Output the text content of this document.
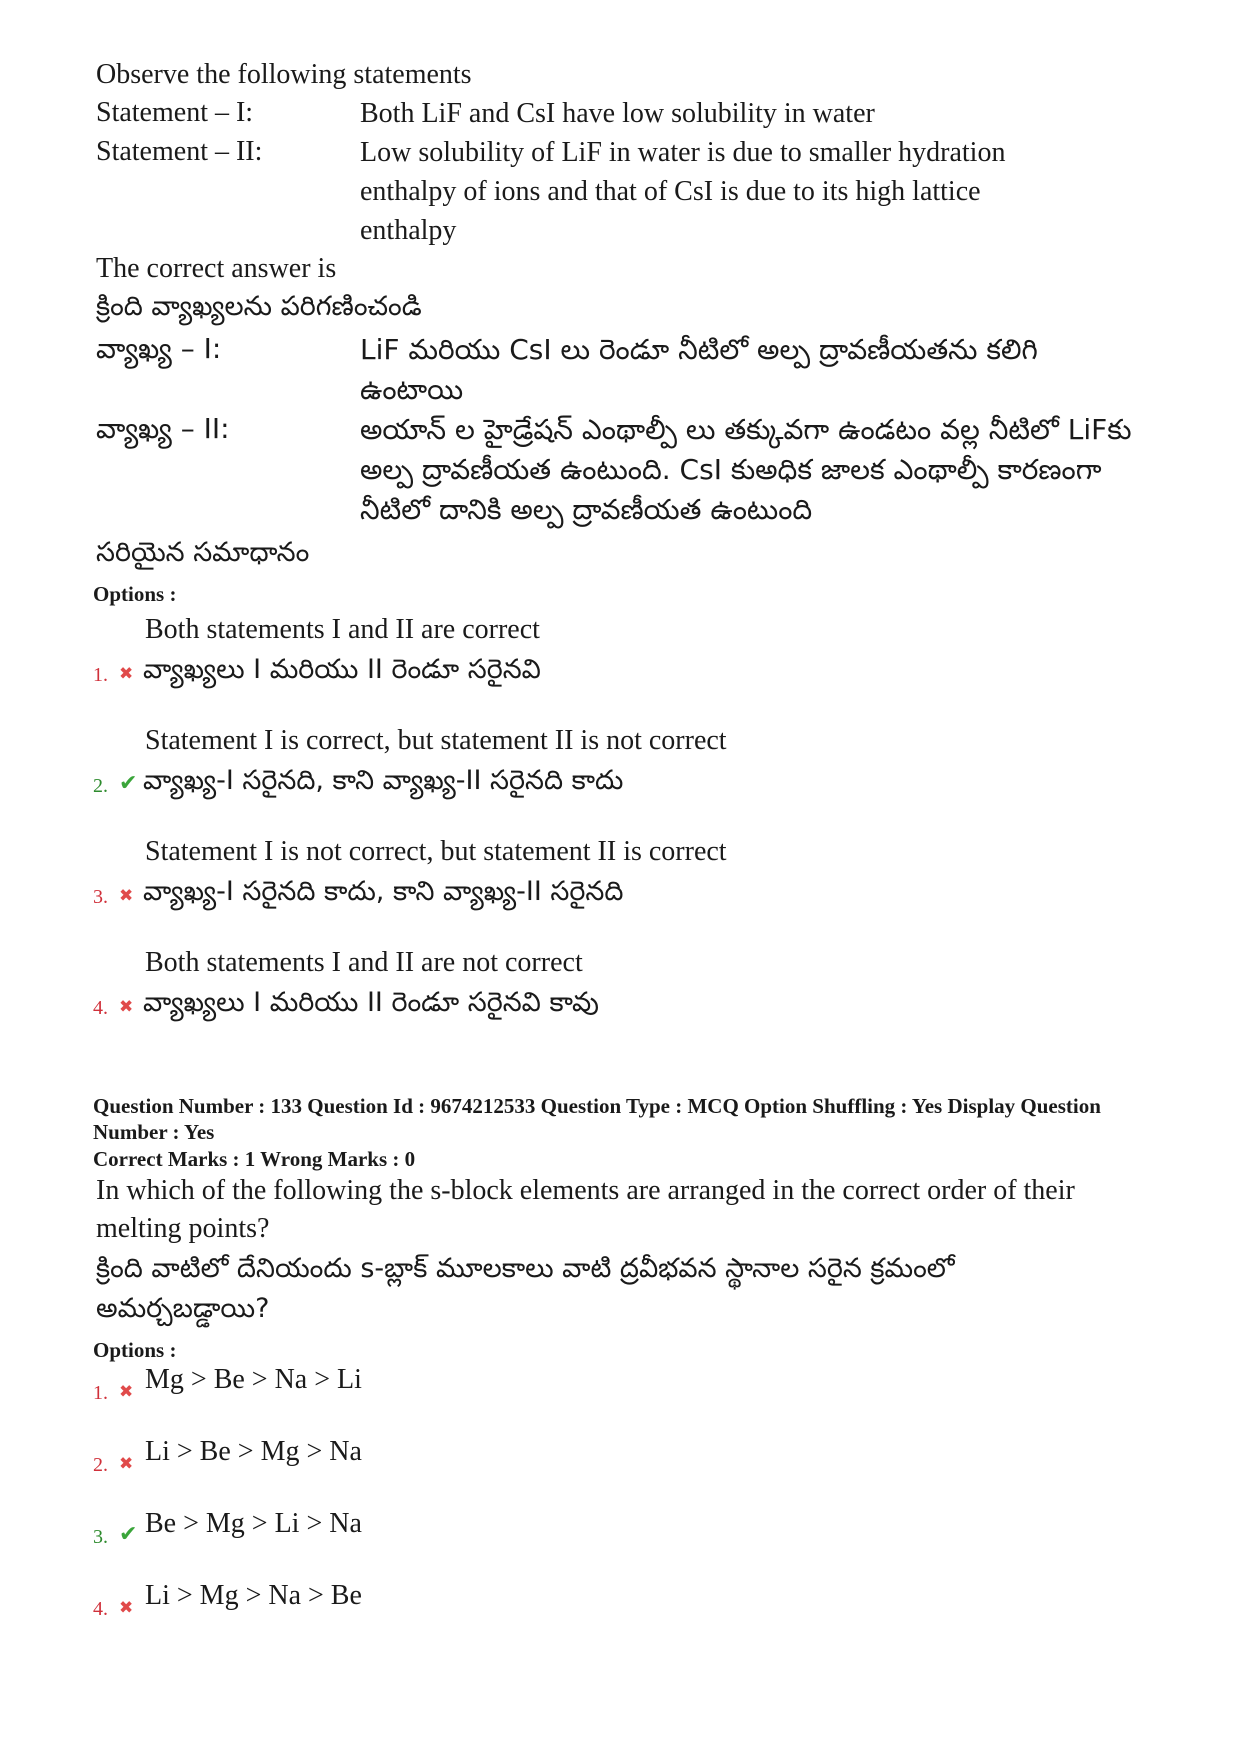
Observe the following statements
Statement – I:	Both LiF and CsI have low solubility in water
Statement – II:	Low solubility of LiF in water is due to smaller hydration enthalpy of ions and that of CsI is due to its high lattice enthalpy
The correct answer is
క్రింది వ్యాఖ్యలను పరిగణించండి
వ్యాఖ్య – I:	LiF మరియు CsI లు రెండూ నీటిలో అల్ప ద్రావణీయతను కలిగి ఉంటాయి
వ్యాఖ్య – II:	అయాన్ ల హైడ్రేషన్ ఎంథాల్పీ లు తక్కువగా ఉండటం వల్ల నీటిలో LiFకు అల్ప ద్రావణీయత ఉంటుంది. CsI కుఅధిక జాలక ఎంథాల్పీ కారణంగా నీటిలో దానికి అల్ప ద్రావణీయత ఉంటుంది
సరియైన సమాధానం
Options :
Both statements I and II are correct
1. ✖ వ్యాఖ్యలు I మరియు II రెండూ సరైనవి
Statement I is correct, but statement II is not correct
2. ✔ వ్యాఖ్య-I సరైనది, కాని వ్యాఖ్య-II సరైనది కాదు
Statement I is not correct, but statement II is correct
3. ✖ వ్యాఖ్య-I సరైనది కాదు, కాని వ్యాఖ్య-II సరైనది
Both statements I and II are not correct
4. ✖ వ్యాఖ్యలు I మరియు II రెండూ సరైనవి కావు
Question Number : 133 Question Id : 9674212533 Question Type : MCQ Option Shuffling : Yes Display Question Number : Yes
Correct Marks : 1 Wrong Marks : 0
In which of the following the s-block elements are arranged in the correct order of their melting points?
క్రింది వాటిలో దేనియందు s-బ్లాక్ మూలకాలు వాటి ద్రవీభవన స్థానాల సరైన క్రమంలో అమర్చబడ్డాయి?
Options :
1. ✖ Mg > Be > Na > Li
2. ✖ Li > Be > Mg > Na
3. ✔ Be > Mg > Li > Na
4. ✖ Li > Mg > Na > Be
